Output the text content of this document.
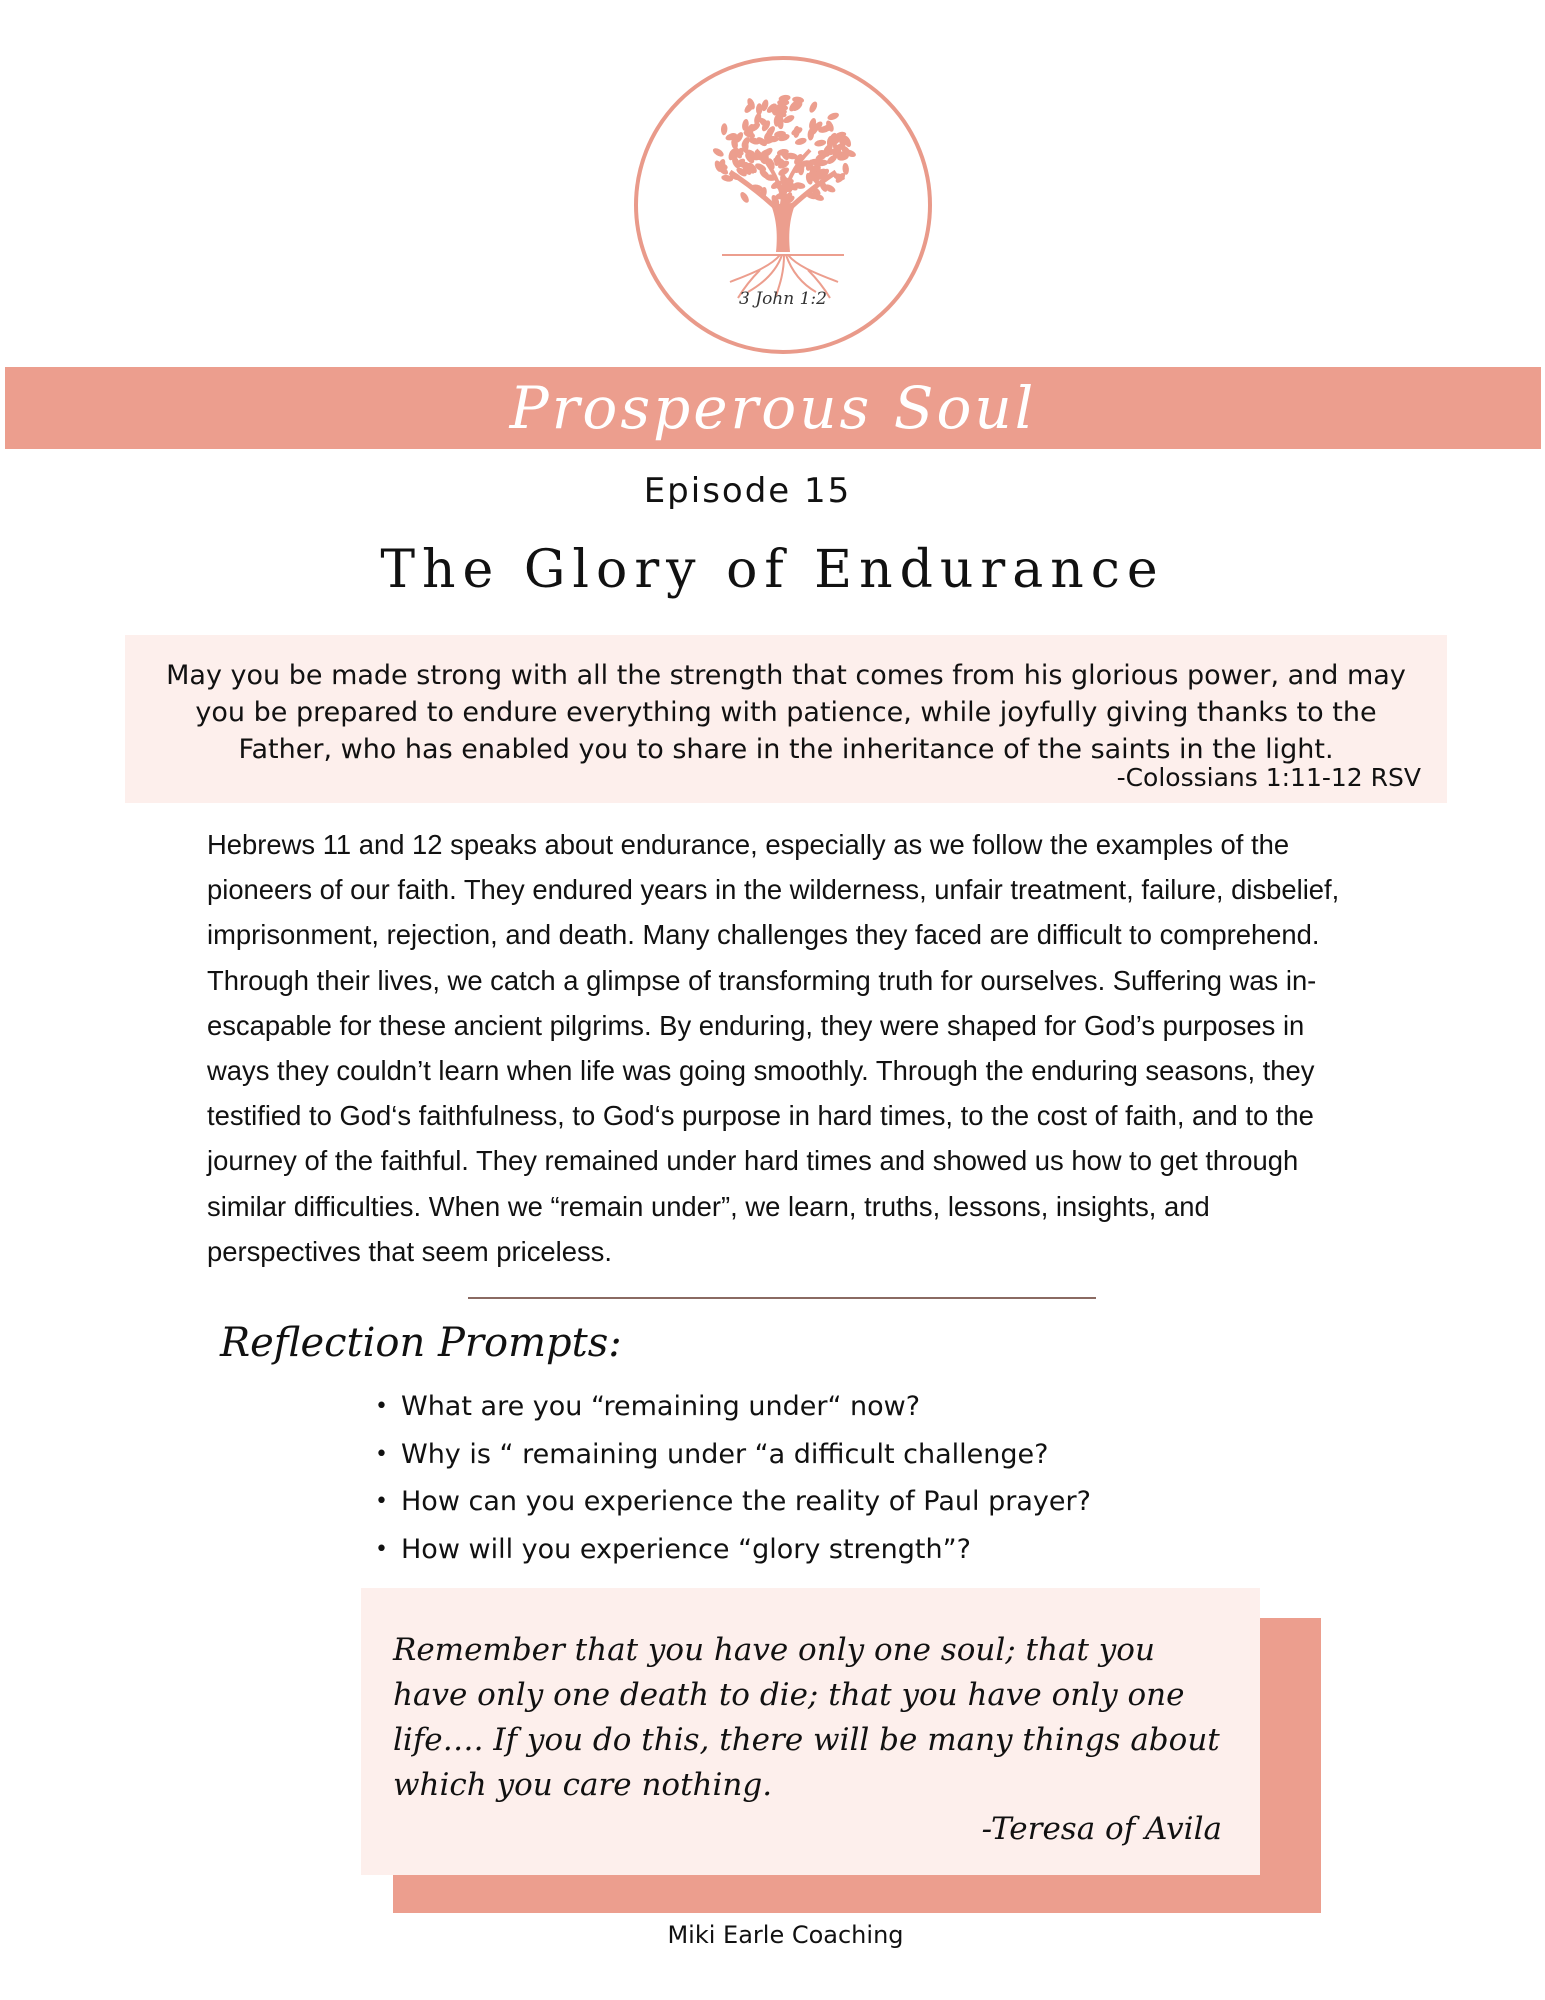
3 John 1:2
Prosperous Soul
Episode 15
The Glory of Endurance
May you be made strong with all the strength that comes from his glorious power, and may
you be prepared to endure everything with patience, while joyfully giving thanks to the
Father, who has enabled you to share in the inheritance of the saints in the light.
-Colossians 1:11-12 RSV

Hebrews 11 and 12 speaks about endurance, especially as we follow the examples of the

pioneers of our faith. They endured years in the wilderness, unfair treatment, failure, disbelief,

imprisonment, rejection, and death. Many challenges they faced are difficult to comprehend.

Through their lives, we catch a glimpse of transforming truth for ourselves. Suffering was in-

escapable for these ancient pilgrims. By enduring, they were shaped for God’s purposes in

ways they couldn’t learn when life was going smoothly. Through the enduring seasons, they

testified to God‘s faithfulness, to God‘s purpose in hard times, to the cost of faith, and to the

journey of the faithful. They remained under hard times and showed us how to get through

similar difficulties. When we “remain under”, we learn, truths, lessons, insights, and

perspectives that seem priceless.

Reflection Prompts:
• What are you “remaining under“ now?
• Why is “ remaining under “a difficult challenge?
• How can you experience the reality of Paul prayer?
• How will you experience “glory strength”?

Remember that you have only one soul; that you

have only one death to die; that you have only one

life…. If you do this, there will be many things about

which you care nothing.

-Teresa of Avila
Miki Earle Coaching
